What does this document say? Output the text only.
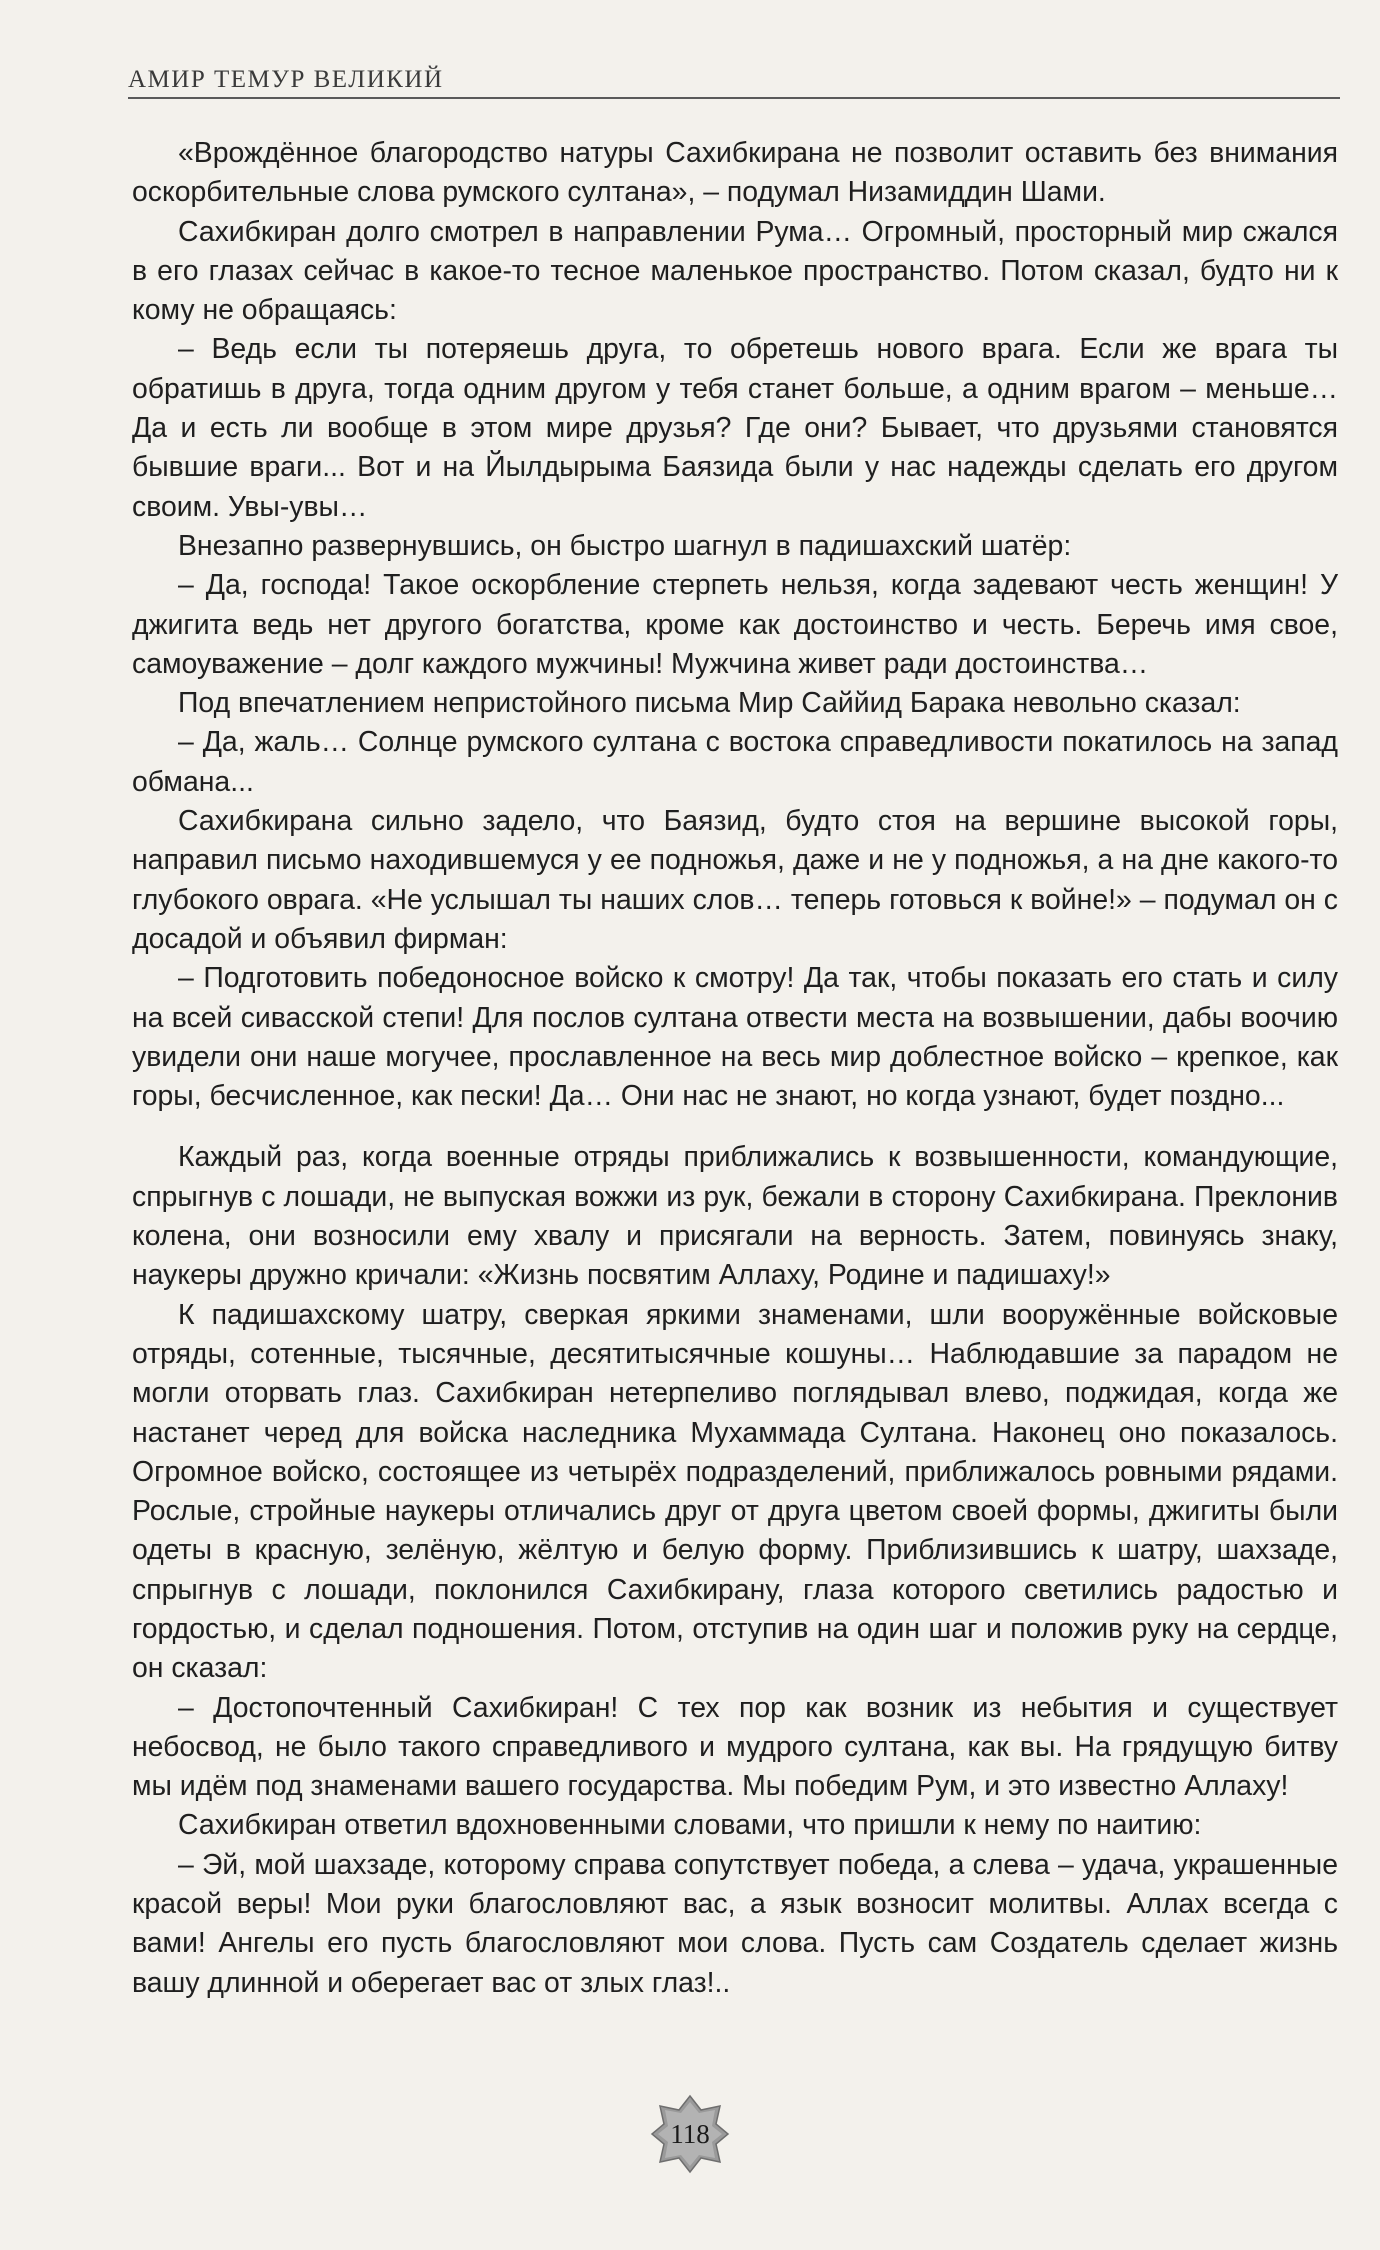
АМИР ТЕМУР ВЕЛИКИЙ

«Врождённое благородство натуры Сахибкирана не позволит оставить без внимания оскорбительные слова румского султана», – подумал Низамиддин Шами.

Сахибкиран долго смотрел в направлении Рума… Огромный, просторный мир сжался в его глазах сейчас в какое-то тесное маленькое пространство. Потом сказал, будто ни к кому не обращаясь:

– Ведь если ты потеряешь друга, то обретешь нового врага. Если же врага ты обратишь в друга, тогда одним другом у тебя станет больше, а одним врагом – меньше… Да и есть ли вообще в этом мире друзья? Где они? Бывает, что друзьями становятся бывшие враги... Вот и на Йылдырыма Баязида были у нас надежды сделать его другом своим. Увы-увы…

Внезапно развернувшись, он быстро шагнул в падишахский шатёр:

– Да, господа! Такое оскорбление стерпеть нельзя, когда задевают честь женщин! У джигита ведь нет другого богатства, кроме как достоинство и честь. Беречь имя свое, самоуважение – долг каждого мужчины! Мужчина живет ради достоинства…

Под впечатлением непристойного письма Мир Саййид Барака невольно сказал:

– Да, жаль… Солнце румского султана с востока справедливости покатилось на запад обмана...

Сахибкирана сильно задело, что Баязид, будто стоя на вершине высокой горы, направил письмо находившемуся у ее подножья, даже и не у подножья, а на дне какого-то глубокого оврага. «Не услышал ты наших слов… теперь готовься к войне!» – подумал он с досадой и объявил фирман:

– Подготовить победоносное войско к смотру! Да так, чтобы показать его стать и силу на всей сивасской степи! Для послов султана отвести места на возвышении, дабы воочию увидели они наше могучее, прославленное на весь мир доблестное войско – крепкое, как горы, бесчисленное, как пески! Да… Они нас не знают, но когда узнают, будет поздно...

Каждый раз, когда военные отряды приближались к возвышенности, командующие, спрыгнув с лошади, не выпуская вожжи из рук, бежали в сторону Сахибкирана. Преклонив колена, они возносили ему хвалу и присягали на верность. Затем, повинуясь знаку, наукеры дружно кричали: «Жизнь посвятим Аллаху, Родине и падишаху!»

К падишахскому шатру, сверкая яркими знаменами, шли вооружённые войсковые отряды, сотенные, тысячные, десятитысячные кошуны… Наблюдавшие за парадом не могли оторвать глаз. Сахибкиран нетерпеливо поглядывал влево, поджидая, когда же настанет черед для войска наследника Мухаммада Султана. Наконец оно показалось. Огромное войско, состоящее из четырёх подразделений, приближалось ровными рядами. Рослые, стройные наукеры отличались друг от друга цветом своей формы, джигиты были одеты в красную, зелёную, жёлтую и белую форму. Приблизившись к шатру, шахзаде, спрыгнув с лошади, поклонился Сахибкирану, глаза которого светились радостью и гордостью, и сделал подношения. Потом, отступив на один шаг и положив руку на сердце, он сказал:

– Достопочтенный Сахибкиран! С тех пор как возник из небытия и существует небосвод, не было такого справедливого и мудрого султана, как вы. На грядущую битву мы идём под знаменами вашего государства. Мы победим Рум, и это известно Аллаху!

Сахибкиран ответил вдохновенными словами, что пришли к нему по наитию:

– Эй, мой шахзаде, которому справа сопутствует победа, а слева – удача, украшенные красой веры! Мои руки благословляют вас, а язык возносит молитвы. Аллах всегда с вами! Ангелы его пусть благословляют мои слова. Пусть сам Создатель сделает жизнь вашу длинной и оберегает вас от злых глаз!..

118
